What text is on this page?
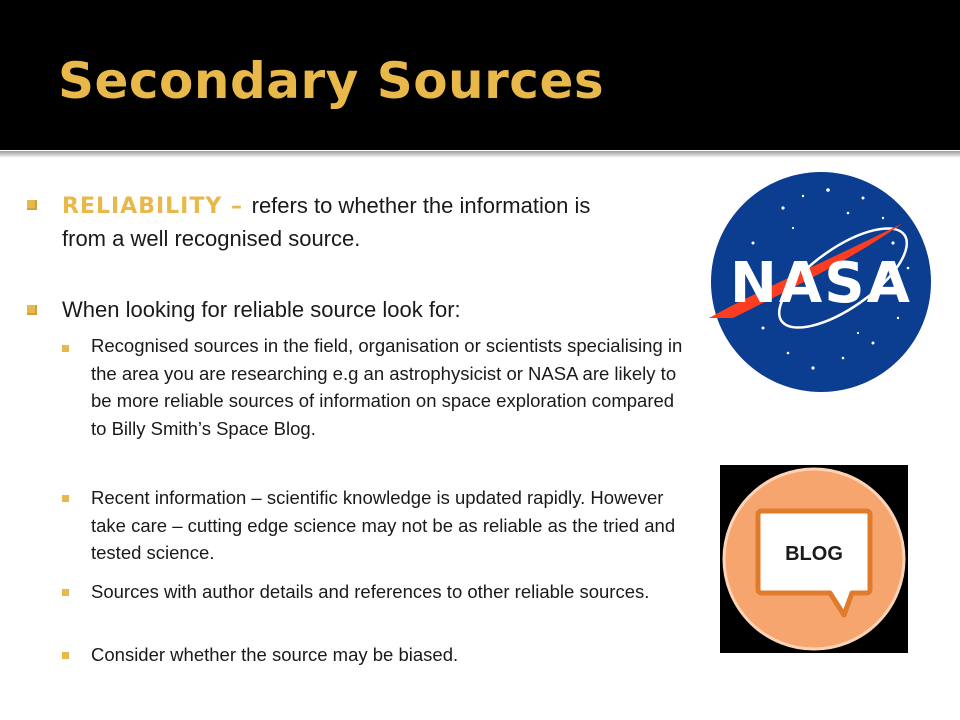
Secondary Sources

RELIABILITY – refers to whether the information is from a well recognised source.

When looking for reliable source look for:

Recognised sources in the field, organisation or scientists specialising in the area you are researching e.g an astrophysicist or NASA are likely to be more reliable sources of information on space exploration compared to Billy Smith’s Space Blog.

Recent information – scientific knowledge is updated rapidly. However take care – cutting edge science may not be as reliable as the tried and tested science.

Sources with author details and references to other reliable sources.

Consider whether the source may be biased.

NASA
BLOG
